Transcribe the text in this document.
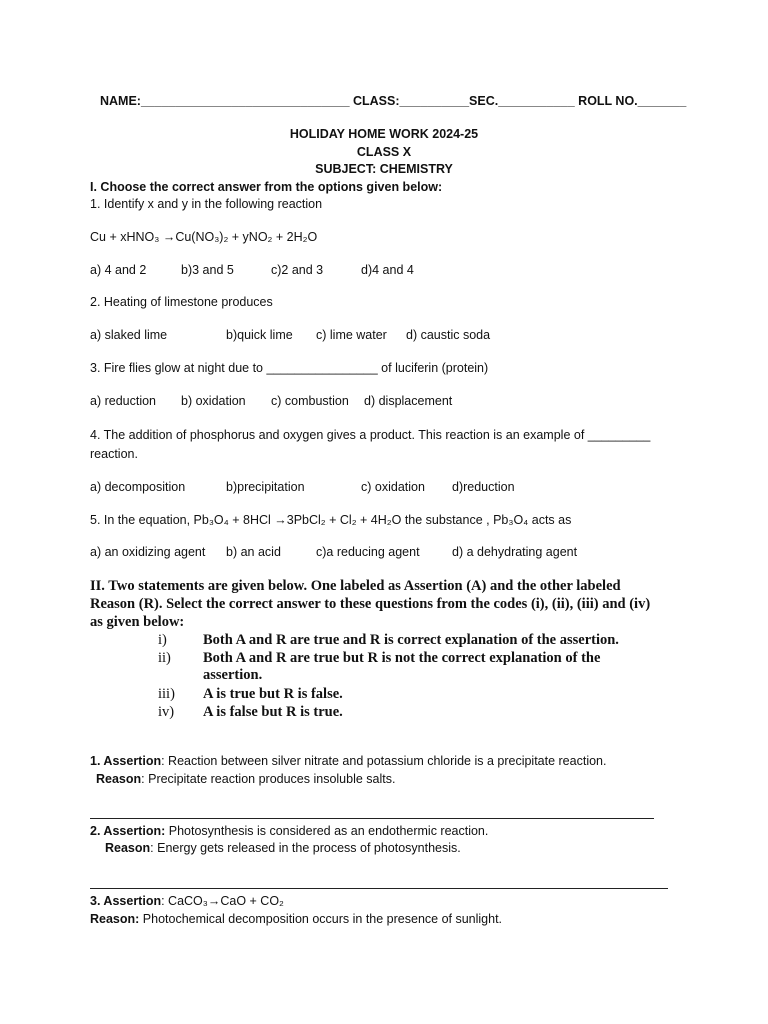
NAME:______________________________ CLASS:__________SEC.___________ ROLL NO._______
HOLIDAY HOME WORK 2024-25
CLASS X
SUBJECT: CHEMISTRY
I. Choose the correct answer from the options given below:
1. Identify x and y in the following reaction
Cu + xHNO₃ →Cu(NO₃)₂ + yNO₂ + 2H₂O
a) 4 and 2	b)3 and 5	c)2 and 3	d)4 and 4
2. Heating of limestone produces
a) slaked lime	b)quick lime c) lime water d) caustic soda
3. Fire flies glow at night due to ________________ of luciferin (protein)
a) reduction b) oxidation c) combustion d) displacement
4. The addition of phosphorus and oxygen gives a product. This reaction is an example of _________
reaction.
a) decomposition	b)precipitation	c) oxidation d)reduction
5. In the equation, Pb₃O₄ + 8HCl →3PbCl₂ + Cl₂ + 4H₂O the substance , Pb₃O₄ acts as
a) an oxidizing agent b) an acid	c)a reducing agent	d) a dehydrating agent
II. Two statements are given below. One labeled as Assertion (A) and the other labeled
Reason (R). Select the correct answer to these questions from the codes (i), (ii), (iii) and (iv)
as given below:
i) Both A and R are true and R is correct explanation of the assertion.
ii) Both A and R are true but R is not the correct explanation of the
assertion.
iii) A is true but R is false.
iv) A is false but R is true.
1. Assertion: Reaction between silver nitrate and potassium chloride is a precipitate reaction.
Reason: Precipitate reaction produces insoluble salts.
2. Assertion: Photosynthesis is considered as an endothermic reaction.
Reason: Energy gets released in the process of photosynthesis.
3. Assertion: CaCO₃→CaO + CO₂
Reason: Photochemical decomposition occurs in the presence of sunlight.
